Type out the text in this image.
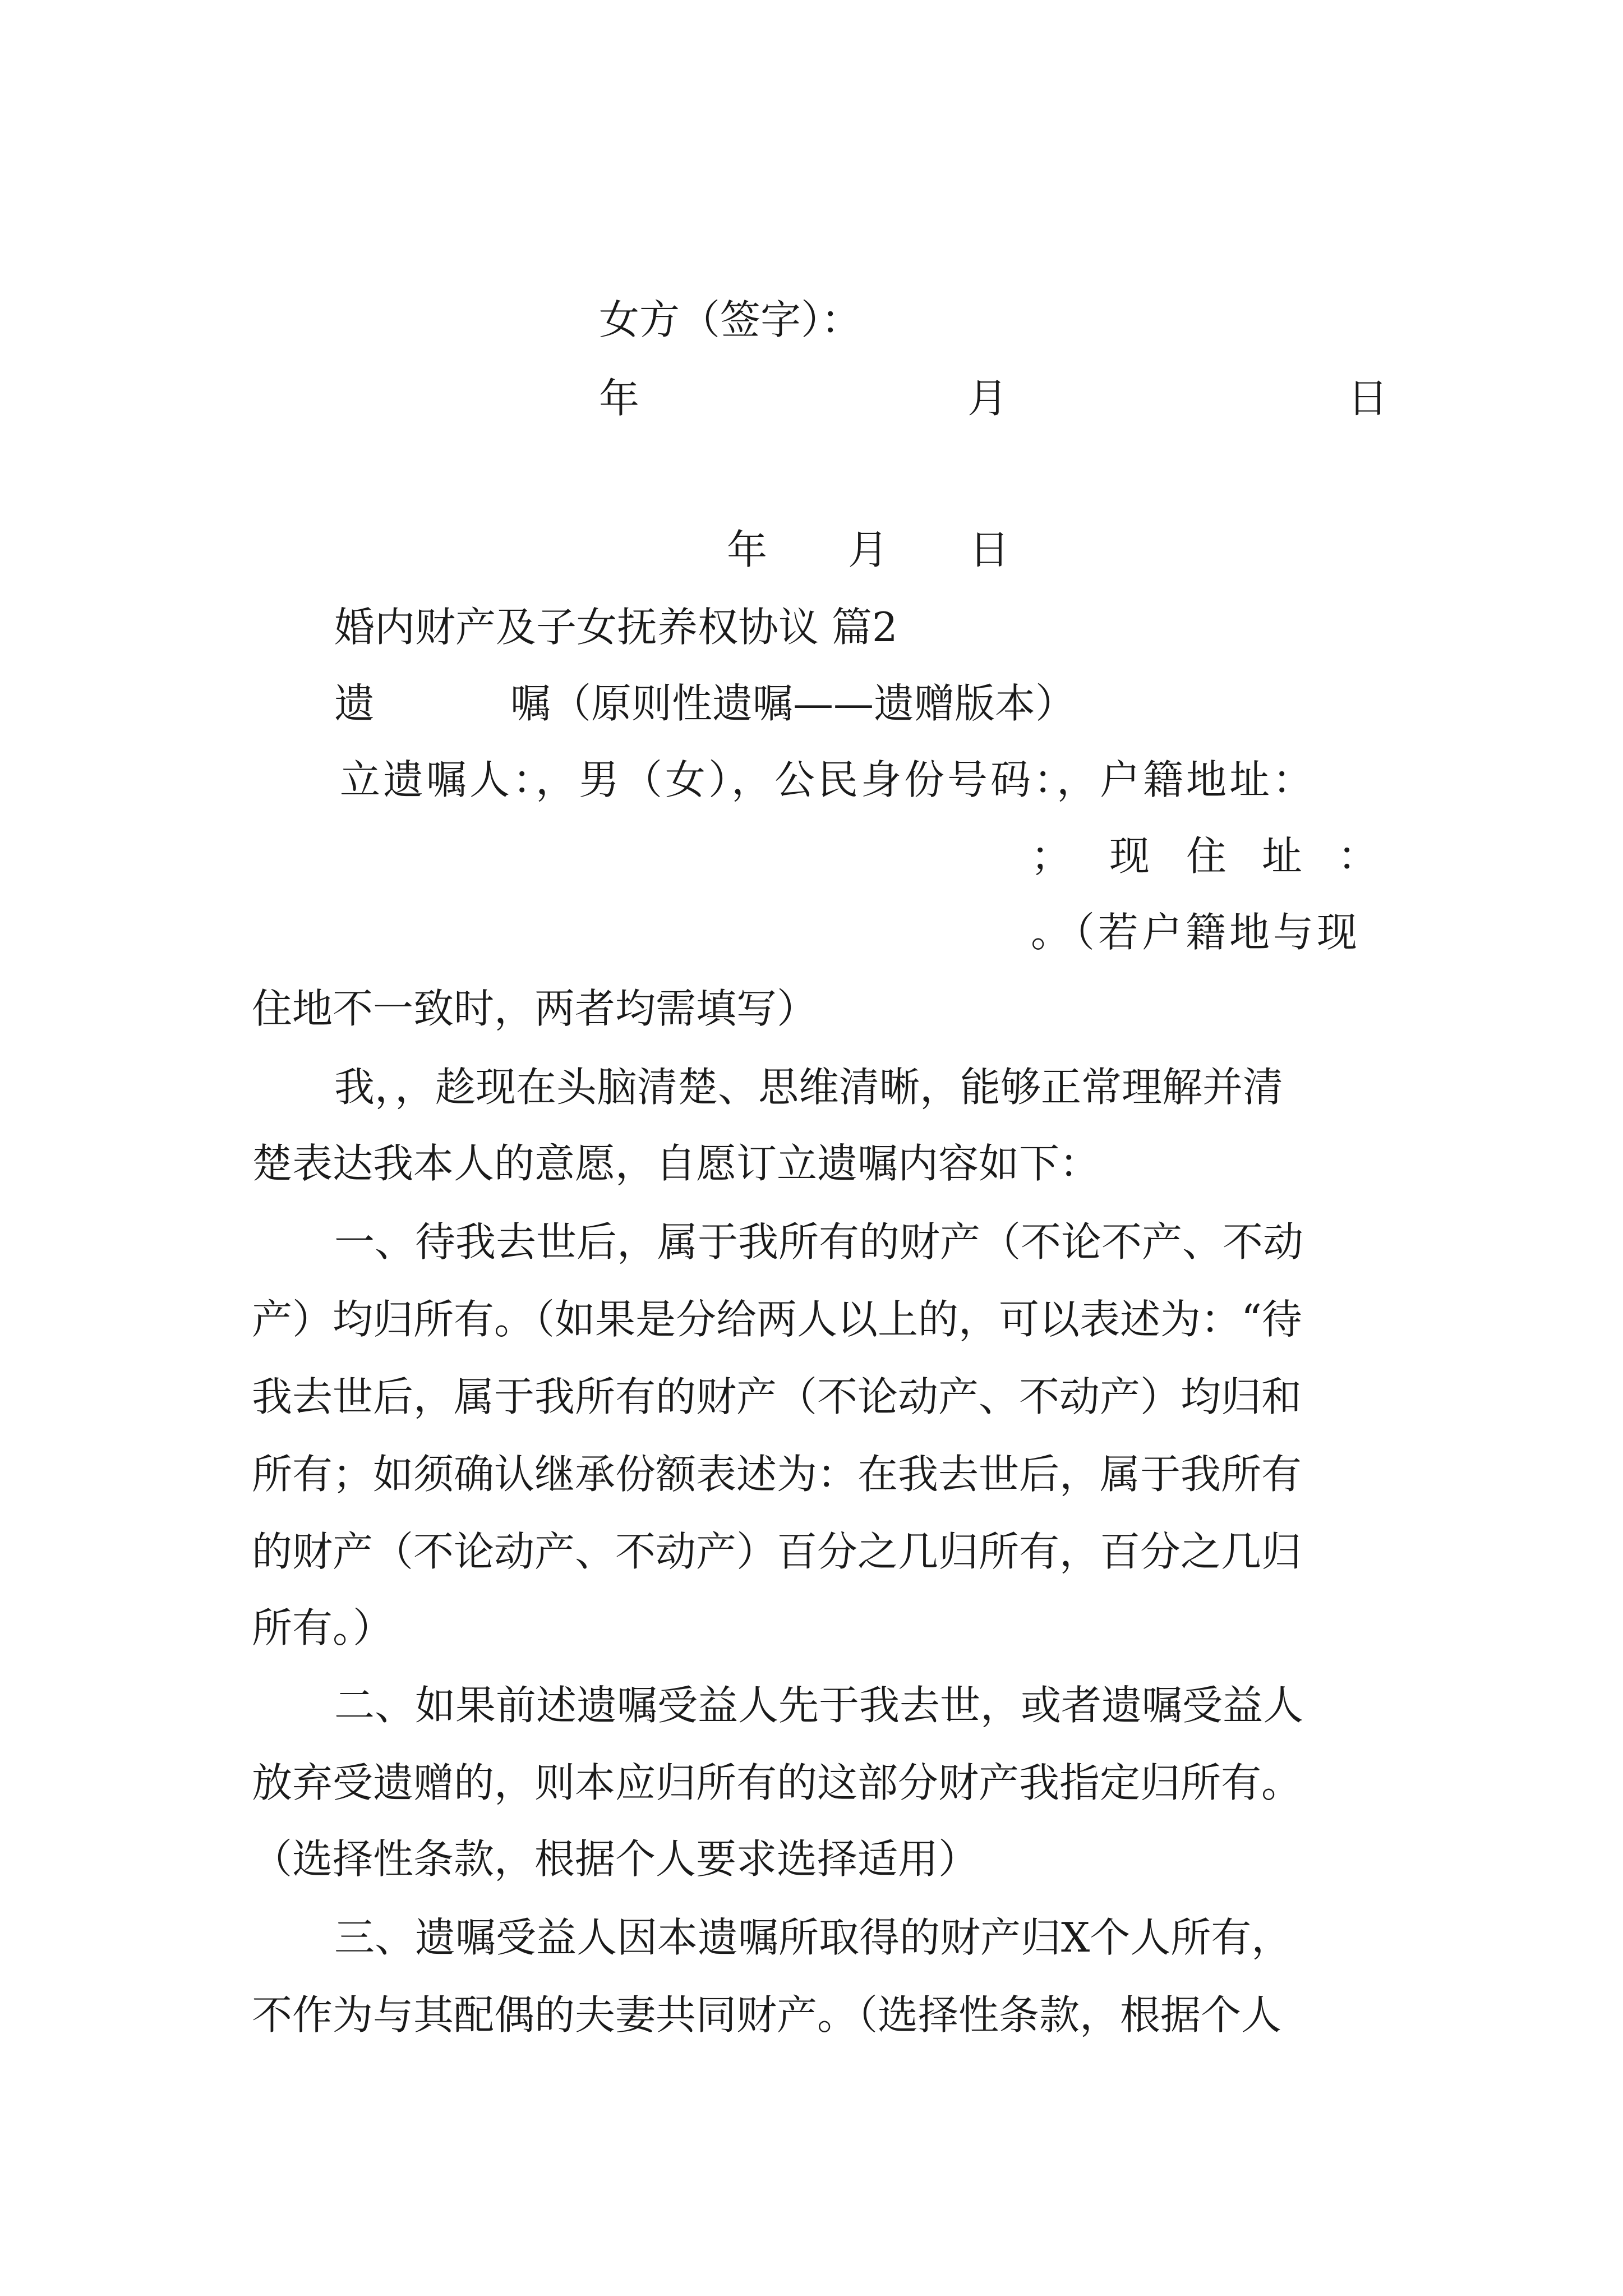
女方（签字）：
年	月	日
年　　月　　日
婚内财产及子女抚养权协议 篇2
遗	嘱（原则性遗嘱——遗赠版本）
立遗嘱人：，男（女），公民身份号码：，户籍地址：
； 现 住 址 ：
。（若户籍地与现
住地不一致时，两者均需填写）
我，，趁现在头脑清楚、思维清晰，能够正常理解并清
楚表达我本人的意愿，自愿订立遗嘱内容如下：
一、待我去世后，属于我所有的财产（不论不产、不动
产）均归所有。（如果是分给两人以上的，可以表述为：“待
我去世后，属于我所有的财产（不论动产、不动产）均归和
所有；如须确认继承份额表述为：在我去世后，属于我所有
的财产（不论动产、不动产）百分之几归所有，百分之几归
所有。）
二、如果前述遗嘱受益人先于我去世，或者遗嘱受益人
放弃受遗赠的，则本应归所有的这部分财产我指定归所有。
（选择性条款，根据个人要求选择适用）
三、遗嘱受益人因本遗嘱所取得的财产归X个人所有，
不作为与其配偶的夫妻共同财产。（选择性条款，根据个人
